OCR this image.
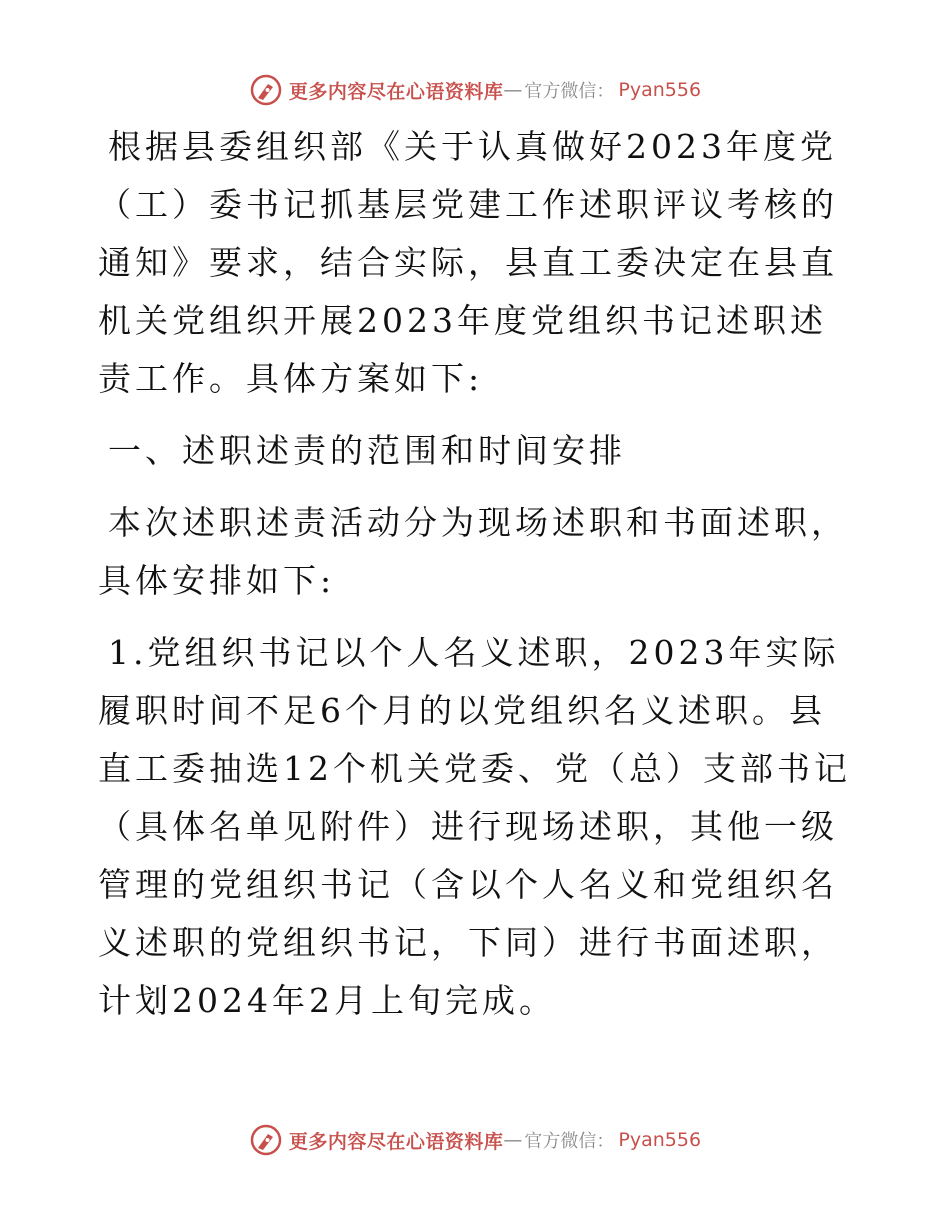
更多内容尽在心语资料库 — 官方微信： Pyan556

根据县委组织部《关于认真做好2023年度党（工）委书记抓基层党建工作述职评议考核的通知》要求，结合实际，县直工委决定在县直机关党组织开展2023年度党组织书记述职述责工作。具体方案如下:

一、述职述责的范围和时间安排

本次述职述责活动分为现场述职和书面述职，具体安排如下:

1.党组织书记以个人名义述职，2023年实际履职时间不足6个月的以党组织名义述职。县直工委抽选12个机关党委、党（总）支部书记（具体名单见附件）进行现场述职，其他一级管理的党组织书记（含以个人名义和党组织名义述职的党组织书记，下同）进行书面述职，计划2024年2月上旬完成。

更多内容尽在心语资料库 — 官方微信： Pyan556
